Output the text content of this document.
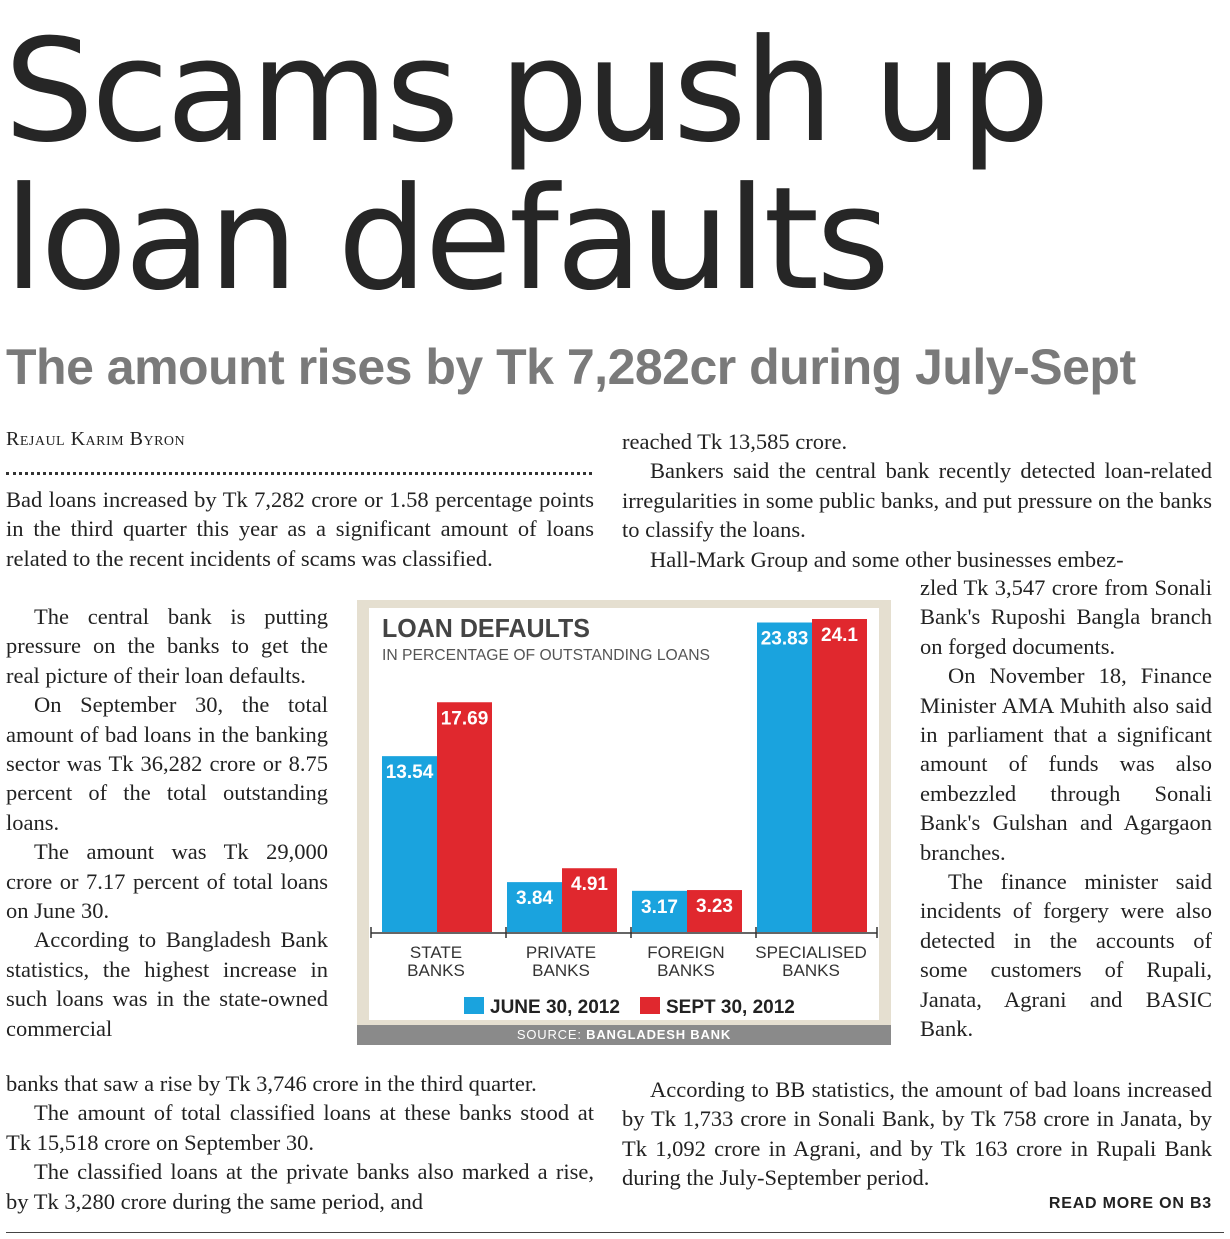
Scams push up loan defaults
The amount rises by Tk 7,282cr during July-Sept
Rejaul Karim Byron

Bad loans increased by Tk 7,282 crore or 1.58 percentage points in the third quarter this year as a significant amount of loans related to the recent incidents of scams was classified.

The central bank is putting pressure on the banks to get the real picture of their loan defaults.

On September 30, the total amount of bad loans in the banking sector was Tk 36,282 crore or 8.75 percent of the total outstanding loans.

The amount was Tk 29,000 crore or 7.17 percent of total loans on June 30.

According to Bangladesh Bank statistics, the highest increase in such loans was in the state-owned commercial

banks that saw a rise by Tk 3,746 crore in the third quarter.

The amount of total classified loans at these banks stood at Tk 15,518 crore on September 30.

The classified loans at the private banks also marked a rise, by Tk 3,280 crore during the same period, and

reached Tk 13,585 crore.

Bankers said the central bank recently detected loan-related irregularities in some public banks, and put pressure on the banks to classify the loans.

Hall-Mark Group and some other businesses embez-

zled Tk 3,547 crore from Sonali Bank's Ruposhi Bangla branch on forged documents.

On November 18, Finance Minister AMA Muhith also said in parliament that a significant amount of funds was also embezzled through Sonali Bank's Gulshan and Agargaon branches.

The finance minister said incidents of forgery were also detected in the accounts of some customers of Rupali, Janata, Agrani and BASIC Bank.

According to BB statistics, the amount of bad loans increased by Tk 1,733 crore in Sonali Bank, by Tk 758 crore in Janata, by Tk 1,092 crore in Agrani, and by Tk 163 crore in Rupali Bank during the July-September period.

READ MORE ON B3
LOAN DEFAULTS
IN PERCENTAGE OF OUTSTANDING LOANS
13.54
17.69
3.84
4.91
3.17 3.23
23.83 24.1
STATE
BANKS
PRIVATE
BANKS
FOREIGN
BANKS
SPECIALISED
BANKS
JUNE 30, 2012 SEPT 30, 2012
SOURCE: BANGLADESH BANK
